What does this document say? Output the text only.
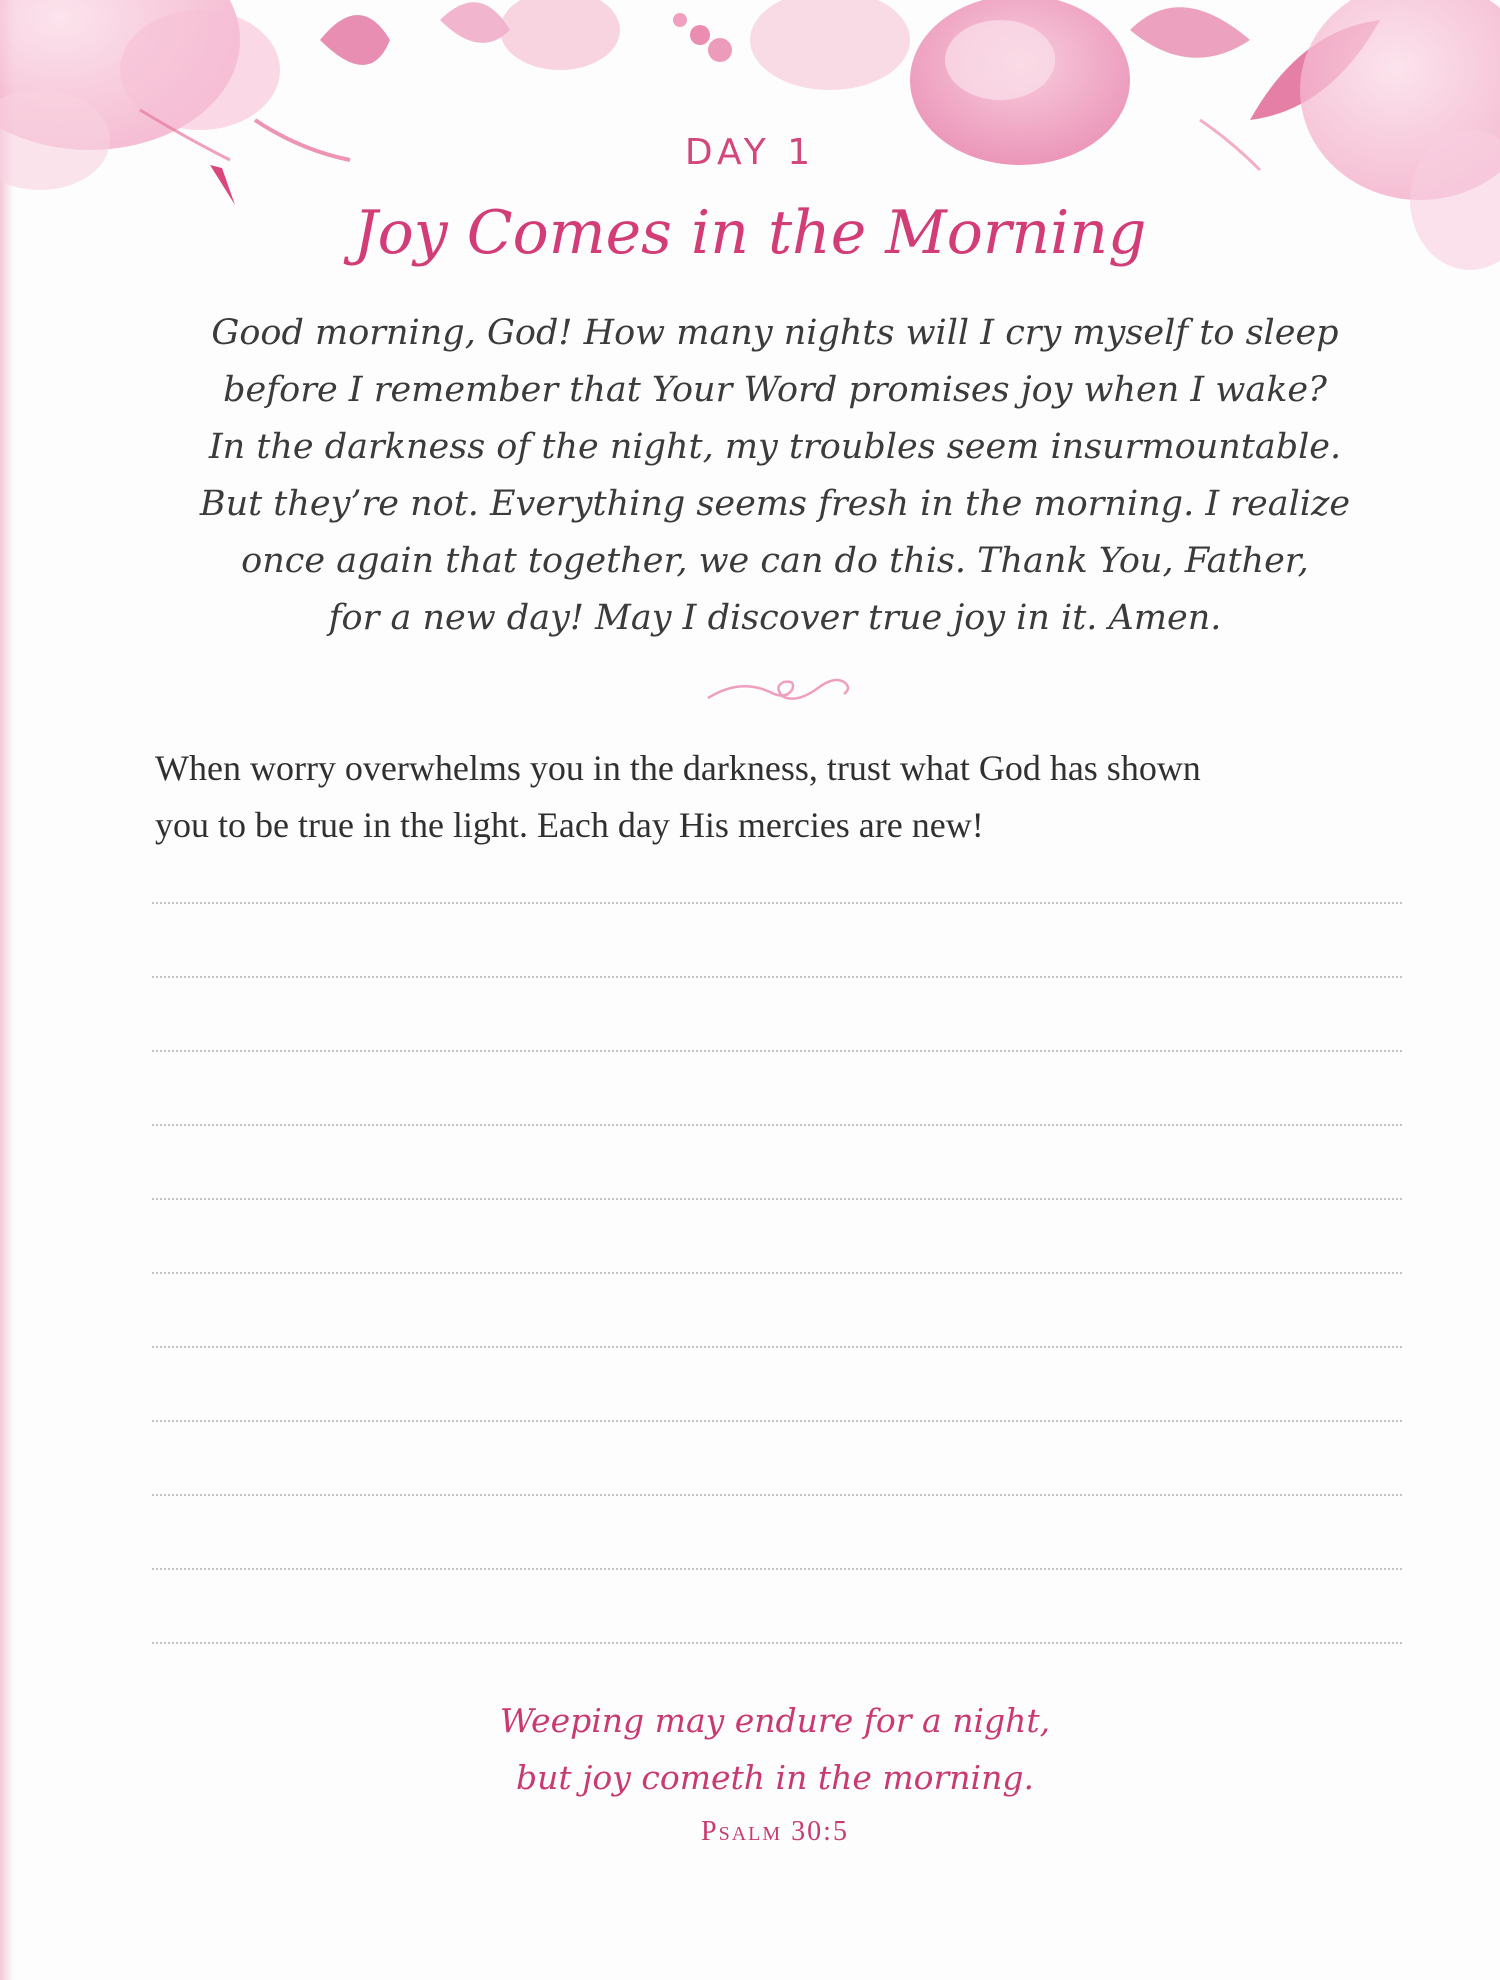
DAY 1
Joy Comes in the Morning
Good morning, God! How many nights will I cry myself to sleep
before I remember that Your Word promises joy when I wake?
In the darkness of the night, my troubles seem insurmountable.
But they’re not. Everything seems fresh in the morning. I realize
once again that together, we can do this. Thank You, Father,
for a new day! May I discover true joy in it. Amen.
When worry overwhelms you in the darkness, trust what God has shown
you to be true in the light. Each day His mercies are new!
Weeping may endure for a night,
but joy cometh in the morning.
Psalm 30:5
